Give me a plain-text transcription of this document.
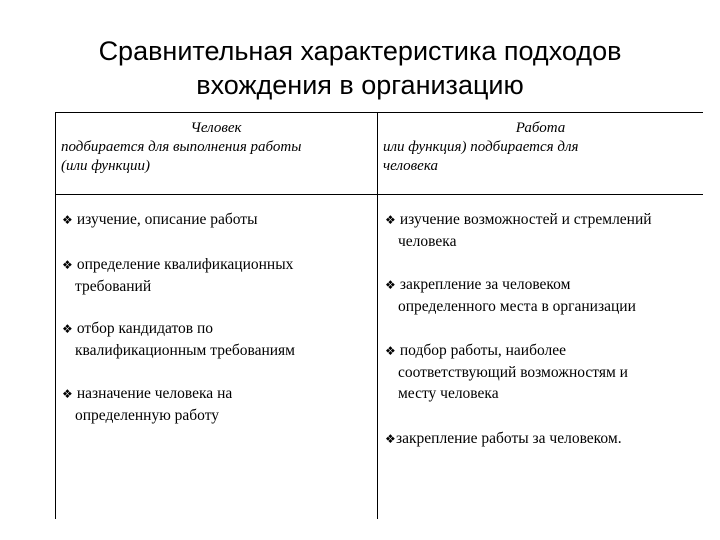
Сравнительная характеристика подходов
вхождения в организацию
Человек
подбирается для выполнения работы
(или функции)
Работа
или функция) подбирается для
человека
❖ изучение, описание работы
❖ определение квалификационных
требований
❖ отбор кандидатов по
квалификационным требованиям
❖ назначение человека на
определенную работу
❖ изучение возможностей и стремлений
человека
❖ закрепление за человеком
определенного места в организации
❖ подбор работы, наиболее
соответствующий возможностям и
месту человека
❖закрепление работы за человеком.
